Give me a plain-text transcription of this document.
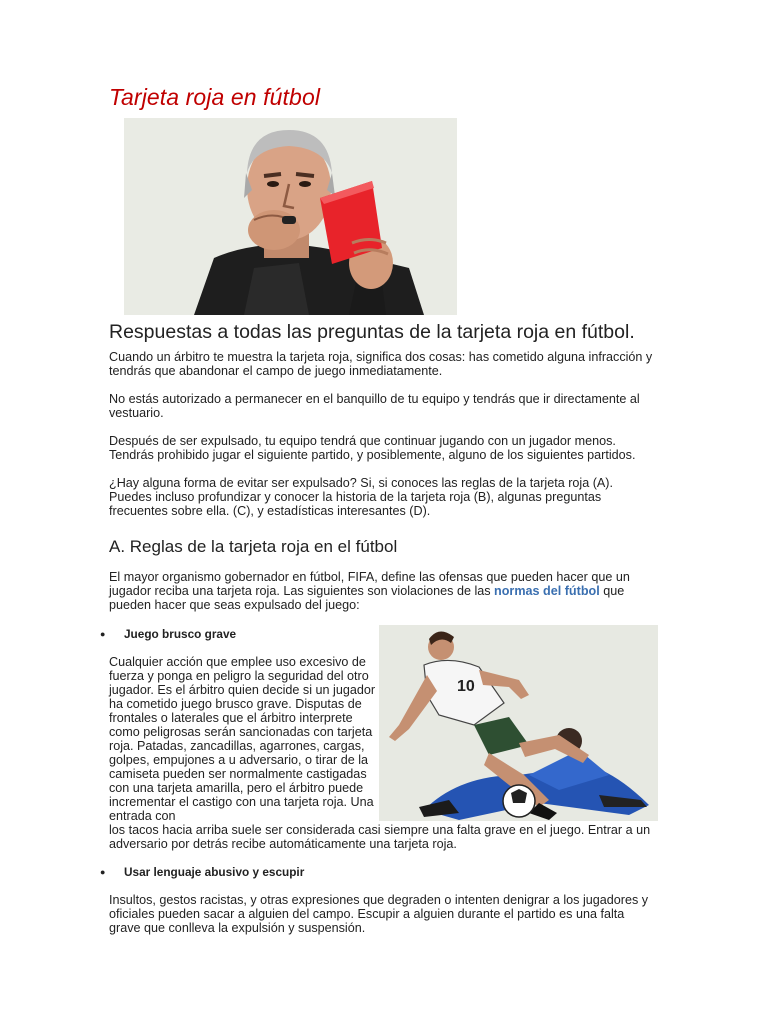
Tarjeta roja en fútbol
Respuestas a todas las preguntas de la tarjeta roja en fútbol.

Cuando un árbitro te muestra la tarjeta roja, significa dos cosas: has cometido alguna infracción y tendrás que abandonar el campo de juego inmediatamente.

No estás autorizado a permanecer en el banquillo de tu equipo y tendrás que ir directamente al vestuario.

Después de ser expulsado, tu equipo tendrá que continuar jugando con un jugador menos. Tendrás prohibido jugar el siguiente partido, y posiblemente, alguno de los siguientes partidos.

¿Hay alguna forma de evitar ser expulsado? Si, si conoces las reglas de la tarjeta roja (A). Puedes incluso profundizar y conocer la historia de la tarjeta roja (B), algunas preguntas frecuentes sobre ella. (C), y estadísticas interesantes (D).

A. Reglas de la tarjeta roja en el fútbol

El mayor organismo gobernador en fútbol, FIFA, define las ofensas que pueden hacer que un jugador reciba una tarjeta roja. Las siguientes son violaciones de las normas del fútbol que pueden hacer que seas expulsado del juego:

●	Juego brusco grave
10

Cualquier acción que emplee uso excesivo de fuerza y ponga en peligro la seguridad del otro jugador. Es el árbitro quien decide si un jugador ha cometido juego brusco grave. Disputas de frontales o laterales que el árbitro interprete como peligrosas serán sancionadas con tarjeta roja. Patadas, zancadillas, agarrones, cargas, golpes, empujones a u adversario, o tirar de la camiseta pueden ser normalmente castigadas con una tarjeta amarilla, pero el árbitro puede incrementar el castigo con una tarjeta roja. Una entrada con

los tacos hacia arriba suele ser considerada casi siempre una falta grave en el juego. Entrar a un adversario por detrás recibe automáticamente una tarjeta roja.

●	Usar lenguaje abusivo y escupir

Insultos, gestos racistas, y otras expresiones que degraden o intenten denigrar a los jugadores y oficiales pueden sacar a alguien del campo. Escupir a alguien durante el partido es una falta grave que conlleva la expulsión y suspensión.
